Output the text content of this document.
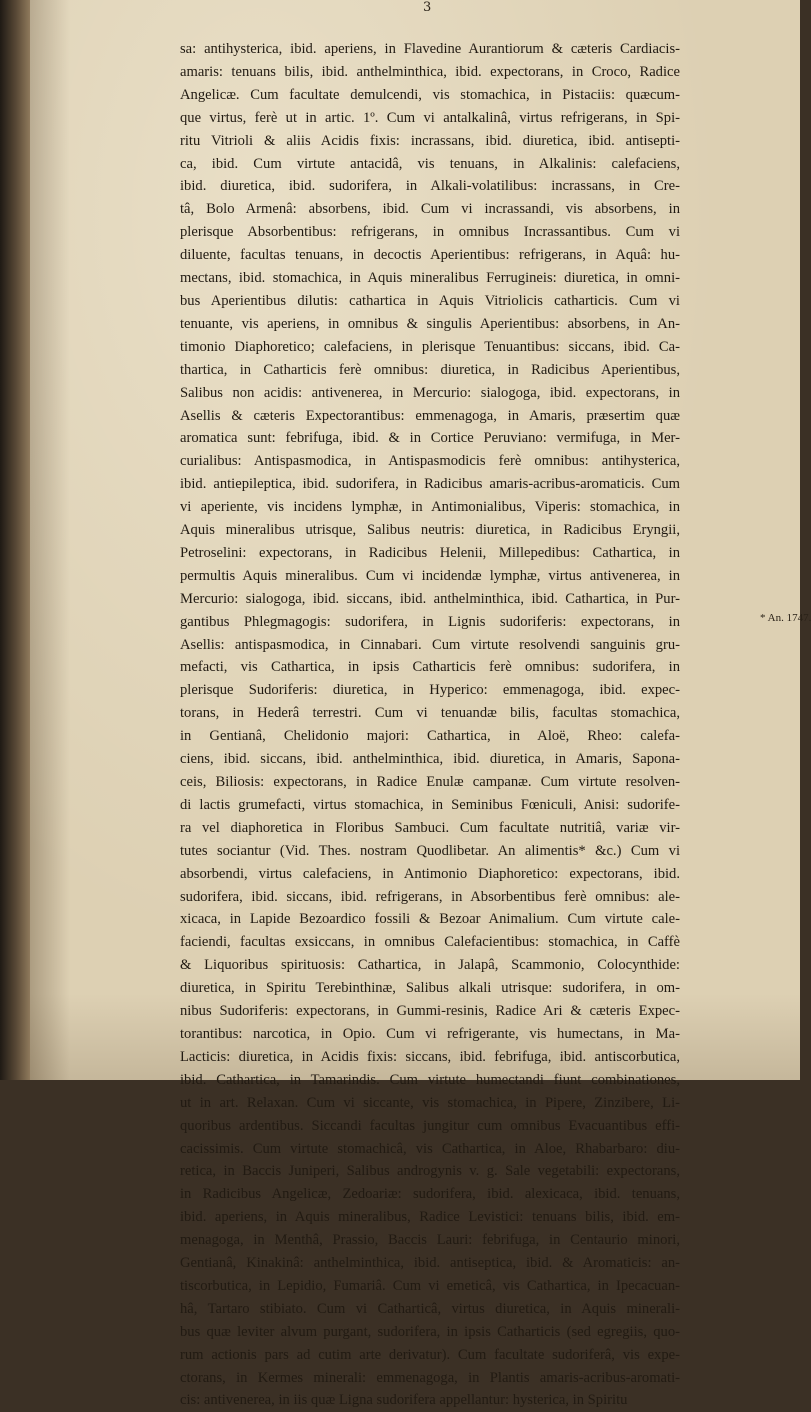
3
sa: antihysterica, ibid. aperiens, in Flavedine Aurantiorum & cæteris Cardiacis-
amaris: tenuans bilis, ibid. anthelminthica, ibid. expectorans, in Croco, Radice
Angelicæ. Cum facultate demulcendi, vis stomachica, in Pistaciis: quæcum-
que virtus, ferè ut in artic. 1º. Cum vi antalkalinâ, virtus refrigerans, in Spi-
ritu Vitrioli & aliis Acidis fixis: incrassans, ibid. diuretica, ibid. antisepti-
ca, ibid. Cum virtute antacidâ, vis tenuans, in Alkalinis: calefaciens,
ibid. diuretica, ibid. sudorifera, in Alkali-volatilibus: incrassans, in Cre-
tâ, Bolo Armenâ: absorbens, ibid. Cum vi incrassandi, vis absorbens, in
plerisque Absorbentibus: refrigerans, in omnibus Incrassantibus. Cum vi
diluente, facultas tenuans, in decoctis Aperientibus: refrigerans, in Aquâ: hu-
mectans, ibid. stomachica, in Aquis mineralibus Ferrugineis: diuretica, in omni-
bus Aperientibus dilutis: cathartica in Aquis Vitriolicis catharticis. Cum vi
tenuante, vis aperiens, in omnibus & singulis Aperientibus: absorbens, in An-
timonio Diaphoretico; calefaciens, in plerisque Tenuantibus: siccans, ibid. Ca-
thartica, in Catharticis ferè omnibus: diuretica, in Radicibus Aperientibus,
Salibus non acidis: antivenerea, in Mercurio: sialogoga, ibid. expectorans, in
Asellis & cæteris Expectorantibus: emmenagoga, in Amaris, præsertim quæ
aromatica sunt: febrifuga, ibid. & in Cortice Peruviano: vermifuga, in Mer-
curialibus: Antispasmodica, in Antispasmodicis ferè omnibus: antihysterica,
ibid. antiepileptica, ibid. sudorifera, in Radicibus amaris-acribus-aromaticis. Cum
vi aperiente, vis incidens lymphæ, in Antimonialibus, Viperis: stomachica, in
Aquis mineralibus utrisque, Salibus neutris: diuretica, in Radicibus Eryngii,
Petroselini: expectorans, in Radicibus Helenii, Millepedibus: Cathartica, in
permultis Aquis mineralibus. Cum vi incidendæ lymphæ, virtus antivenerea, in
Mercurio: sialogoga, ibid. siccans, ibid. anthelminthica, ibid. Cathartica, in Pur-
gantibus Phlegmagogis: sudorifera, in Lignis sudoriferis: expectorans, in
Asellis: antispasmodica, in Cinnabari. Cum virtute resolvendi sanguinis gru-
mefacti, vis Cathartica, in ipsis Catharticis ferè omnibus: sudorifera, in
plerisque Sudoriferis: diuretica, in Hyperico: emmenagoga, ibid. expec-
torans, in Hederâ terrestri. Cum vi tenuandæ bilis, facultas stomachica,
in Gentianâ, Chelidonio majori: Cathartica, in Aloë, Rheo: calefa-
ciens, ibid. siccans, ibid. anthelminthica, ibid. diuretica, in Amaris, Sapona-
ceis, Biliosis: expectorans, in Radice Enulæ campanæ. Cum virtute resolven-
di lactis grumefacti, virtus stomachica, in Seminibus Fœniculi, Anisi: sudorife-
ra vel diaphoretica in Floribus Sambuci. Cum facultate nutritiâ, variæ vir-
tutes sociantur (Vid. Thes. nostram Quodlibetar. An alimentis* &c.) Cum vi
absorbendi, virtus calefaciens, in Antimonio Diaphoretico: expectorans, ibid.
sudorifera, ibid. siccans, ibid. refrigerans, in Absorbentibus ferè omnibus: ale-
xicaca, in Lapide Bezoardico fossili & Bezoar Animalium. Cum virtute cale-
faciendi, facultas exsiccans, in omnibus Calefacientibus: stomachica, in Caffè
& Liquoribus spirituosis: Cathartica, in Jalapâ, Scammonio, Colocynthide:
diuretica, in Spiritu Terebinthinæ, Salibus alkali utrisque: sudorifera, in om-
nibus Sudoriferis: expectorans, in Gummi-resinis, Radice Ari & cæteris Expec-
torantibus: narcotica, in Opio. Cum vi refrigerante, vis humectans, in Ma-
Lacticis: diuretica, in Acidis fixis: siccans, ibid. febrifuga, ibid. antiscorbutica,
ibid. Cathartica, in Tamarindis. Cum virtute humectandi fiunt combinationes,
ut in art. Relaxan. Cum vi siccante, vis stomachica, in Pipere, Zinzibere, Li-
quoribus ardentibus. Siccandi facultas jungitur cum omnibus Evacuantibus effi-
cacissimis. Cum virtute stomachicâ, vis Cathartica, in Aloe, Rhabarbaro: diu-
retica, in Baccis Juniperi, Salibus androgynis v. g. Sale vegetabili: expectorans,
in Radicibus Angelicæ, Zedoariæ: sudorifera, ibid. alexicaca, ibid. tenuans,
ibid. aperiens, in Aquis mineralibus, Radice Levistici: tenuans bilis, ibid. em-
menagoga, in Menthâ, Prassio, Baccis Lauri: febrifuga, in Centaurio minori,
Gentianâ, Kinakinâ: anthelminthica, ibid. antiseptica, ibid. & Aromaticis: an-
tiscorbutica, in Lepidio, Fumariâ. Cum vi emeticâ, vis Cathartica, in Ipecacuan-
hâ, Tartaro stibiato. Cum vi Catharticâ, virtus diuretica, in Aquis minerali-
bus quæ leviter alvum purgant, sudorifera, in ipsis Catharticis (sed egregiis, quo-
rum actionis pars ad cutim arte derivatur). Cum facultate sudoriferâ, vis expe-
ctorans, in Kermes minerali: emmenagoga, in Plantis amaris-acribus-aromati-
cis: antivenerea, in iis quæ Ligna sudorifera appellantur: hysterica, in Spiritu
* An. 1747.
